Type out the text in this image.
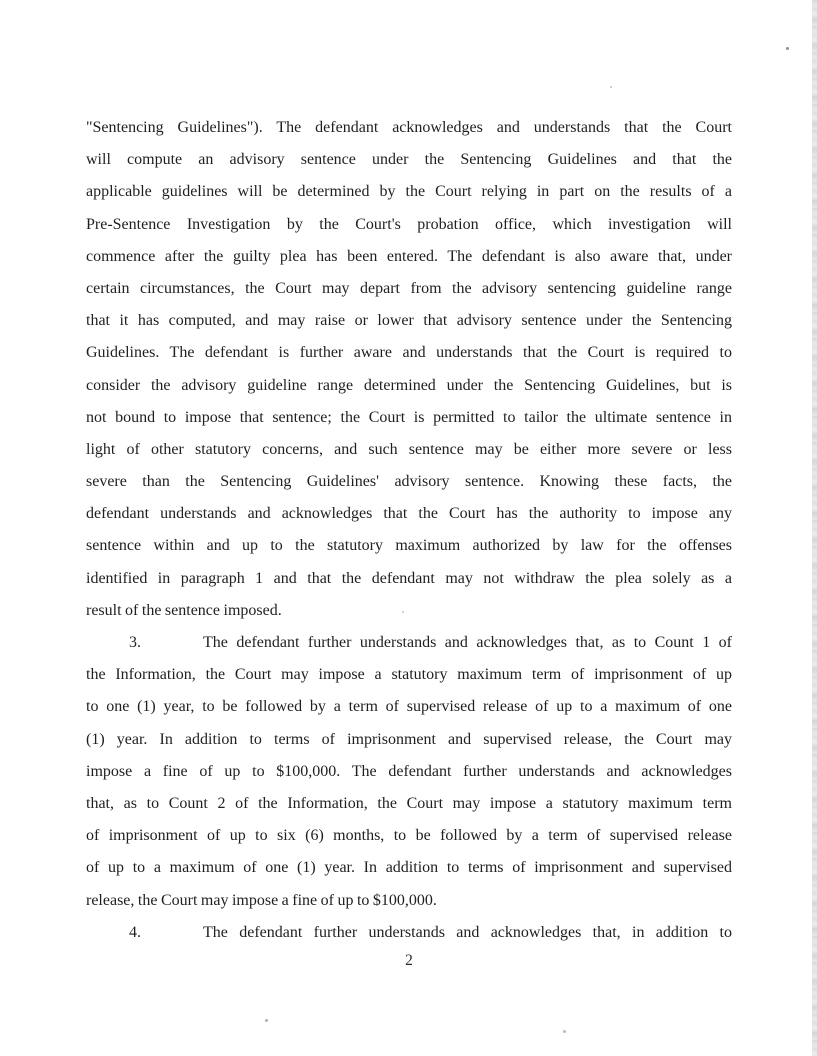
"Sentencing Guidelines"). The defendant acknowledges and understands that the Court
will compute an advisory sentence under the Sentencing Guidelines and that the
applicable guidelines will be determined by the Court relying in part on the results of a
Pre-Sentence Investigation by the Court's probation office, which investigation will
commence after the guilty plea has been entered. The defendant is also aware that, under
certain circumstances, the Court may depart from the advisory sentencing guideline range
that it has computed, and may raise or lower that advisory sentence under the Sentencing
Guidelines. The defendant is further aware and understands that the Court is required to
consider the advisory guideline range determined under the Sentencing Guidelines, but is
not bound to impose that sentence; the Court is permitted to tailor the ultimate sentence in
light of other statutory concerns, and such sentence may be either more severe or less
severe than the Sentencing Guidelines' advisory sentence. Knowing these facts, the
defendant understands and acknowledges that the Court has the authority to impose any
sentence within and up to the statutory maximum authorized by law for the offenses
identified in paragraph 1 and that the defendant may not withdraw the plea solely as a
result of the sentence imposed.
3.	The defendant further understands and acknowledges that, as to Count 1 of
the Information, the Court may impose a statutory maximum term of imprisonment of up
to one (1) year, to be followed by a term of supervised release of up to a maximum of one
(1) year. In addition to terms of imprisonment and supervised release, the Court may
impose a fine of up to $100,000. The defendant further understands and acknowledges
that, as to Count 2 of the Information, the Court may impose a statutory maximum term
of imprisonment of up to six (6) months, to be followed by a term of supervised release
of up to a maximum of one (1) year. In addition to terms of imprisonment and supervised
release, the Court may impose a fine of up to $100,000.
4.	The defendant further understands and acknowledges that, in addition to
2
